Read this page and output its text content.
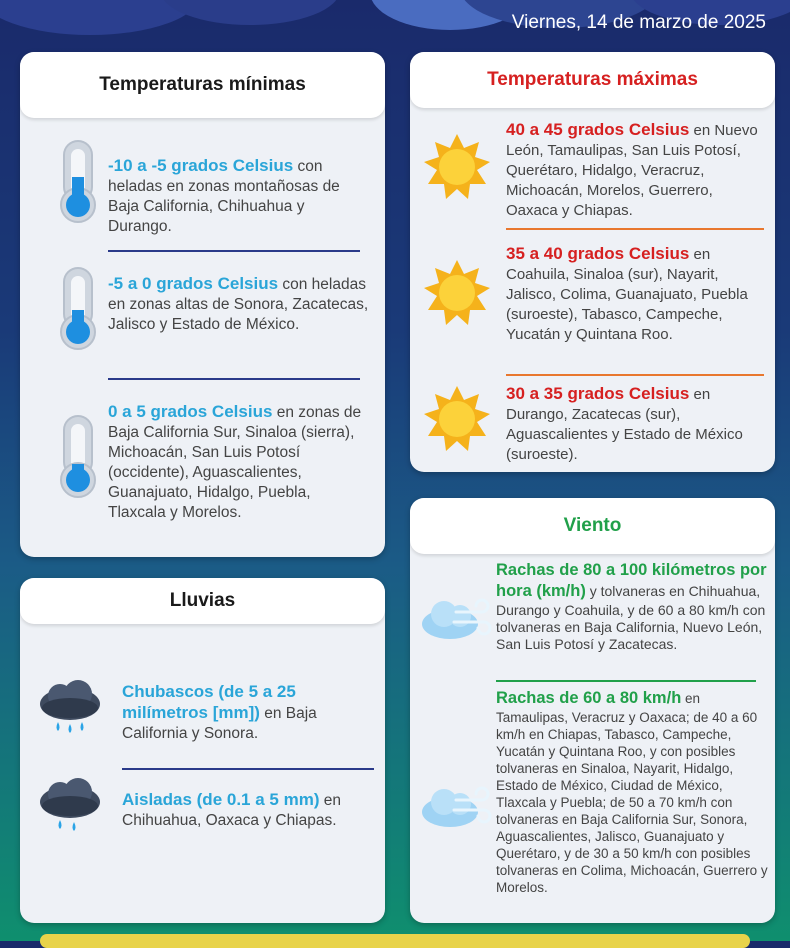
Viernes, 14 de marzo de 2025
Temperaturas mínimas
-10 a -5 grados Celsius con heladas en zonas montañosas de Baja California, Chihuahua y Durango.
-5 a 0 grados Celsius con heladas en zonas altas de Sonora, Zacatecas, Jalisco y Estado de México.
0 a 5 grados Celsius en zonas de Baja California Sur, Sinaloa (sierra), Michoacán, San Luis Potosí (occidente), Aguascalientes, Guanajuato, Hidalgo, Puebla, Tlaxcala y Morelos.
Lluvias
Chubascos (de 5 a 25 milímetros [mm]) en Baja California y Sonora.
Aisladas (de 0.1 a 5 mm) en Chihuahua, Oaxaca y Chiapas.
Temperaturas máximas
40 a 45 grados Celsius en Nuevo León, Tamaulipas, San Luis Potosí, Querétaro, Hidalgo, Veracruz, Michoacán, Morelos, Guerrero, Oaxaca y Chiapas.
35 a 40 grados Celsius en Coahuila, Sinaloa (sur), Nayarit, Jalisco, Colima, Guanajuato, Puebla (suroeste), Tabasco, Campeche, Yucatán y Quintana Roo.
30 a 35 grados Celsius en Durango, Zacatecas (sur), Aguascalientes y Estado de México (suroeste).
Viento
Rachas de 80 a 100 kilómetros por hora (km/h) y tolvaneras en Chihuahua, Durango y Coahuila, y de 60 a 80 km/h con tolvaneras en Baja California, Nuevo León, San Luis Potosí y Zacatecas.
Rachas de 60 a 80 km/h en Tamaulipas, Veracruz y Oaxaca; de 40 a 60 km/h en Chiapas, Tabasco, Campeche, Yucatán y Quintana Roo, y con posibles tolvaneras en Sinaloa, Nayarit, Hidalgo, Estado de México, Ciudad de México, Tlaxcala y Puebla; de 50 a 70 km/h con tolvaneras en Baja California Sur, Sonora, Aguascalientes, Jalisco, Guanajuato y Querétaro, y de 30 a 50 km/h con posibles tolvaneras en Colima, Michoacán, Guerrero y Morelos.
